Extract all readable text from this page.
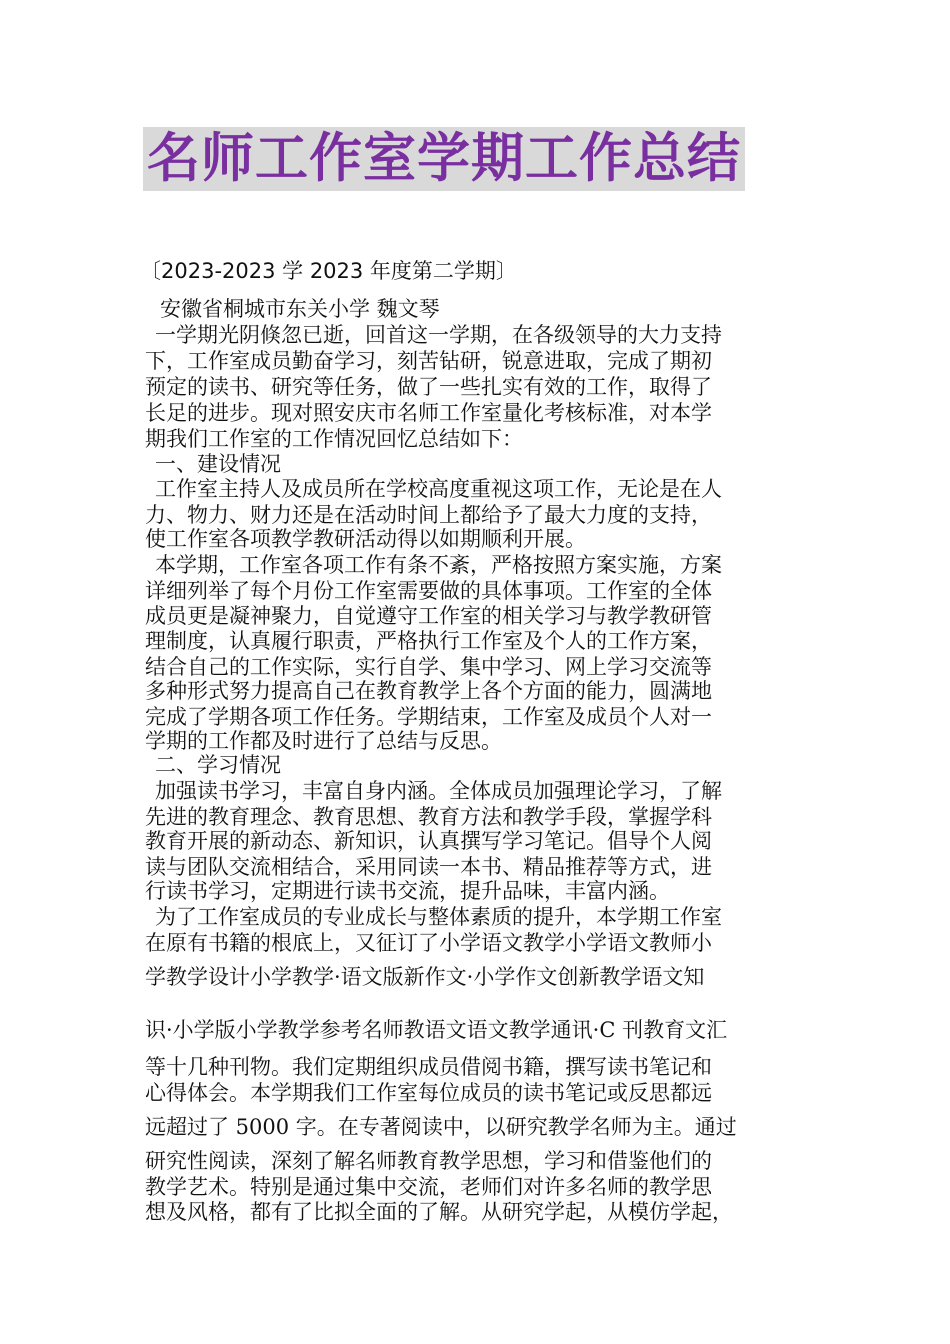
名师工作室学期工作总结
〔2023-2023 学 2023 年度第二学期〕
安徽省桐城市东关小学 魏文琴
一学期光阴倏忽已逝，回首这一学期，在各级领导的大力支持
下，工作室成员勤奋学习，刻苦钻研，锐意进取，完成了期初
预定的读书、研究等任务，做了一些扎实有效的工作，取得了
长足的进步。现对照安庆市名师工作室量化考核标准，对本学
期我们工作室的工作情况回忆总结如下：
一、建设情况
工作室主持人及成员所在学校高度重视这项工作，无论是在人
力、物力、财力还是在活动时间上都给予了最大力度的支持，
使工作室各项教学教研活动得以如期顺利开展。
本学期，工作室各项工作有条不紊，严格按照方案实施，方案
详细列举了每个月份工作室需要做的具体事项。工作室的全体
成员更是凝神聚力，自觉遵守工作室的相关学习与教学教研管
理制度，认真履行职责，严格执行工作室及个人的工作方案，
结合自己的工作实际，实行自学、集中学习、网上学习交流等
多种形式努力提高自己在教育教学上各个方面的能力，圆满地
完成了学期各项工作任务。学期结束，工作室及成员个人对一
学期的工作都及时进行了总结与反思。
二、学习情况
加强读书学习，丰富自身内涵。全体成员加强理论学习，了解
先进的教育理念、教育思想、教育方法和教学手段，掌握学科
教育开展的新动态、新知识，认真撰写学习笔记。倡导个人阅
读与团队交流相结合，采用同读一本书、精品推荐等方式，进
行读书学习，定期进行读书交流，提升品味，丰富内涵。
为了工作室成员的专业成长与整体素质的提升，本学期工作室
在原有书籍的根底上，又征订了小学语文教学小学语文教师小
学教学设计小学教学·语文版新作文·小学作文创新教学语文知
识·小学版小学教学参考名师教语文语文教学通讯·C 刊教育文汇
等十几种刊物。我们定期组织成员借阅书籍，撰写读书笔记和
心得体会。本学期我们工作室每位成员的读书笔记或反思都远
远超过了 5000 字。在专著阅读中，以研究教学名师为主。通过
研究性阅读，深刻了解名师教育教学思想，学习和借鉴他们的
教学艺术。特别是通过集中交流，老师们对许多名师的教学思
想及风格，都有了比拟全面的了解。从研究学起，从模仿学起，
